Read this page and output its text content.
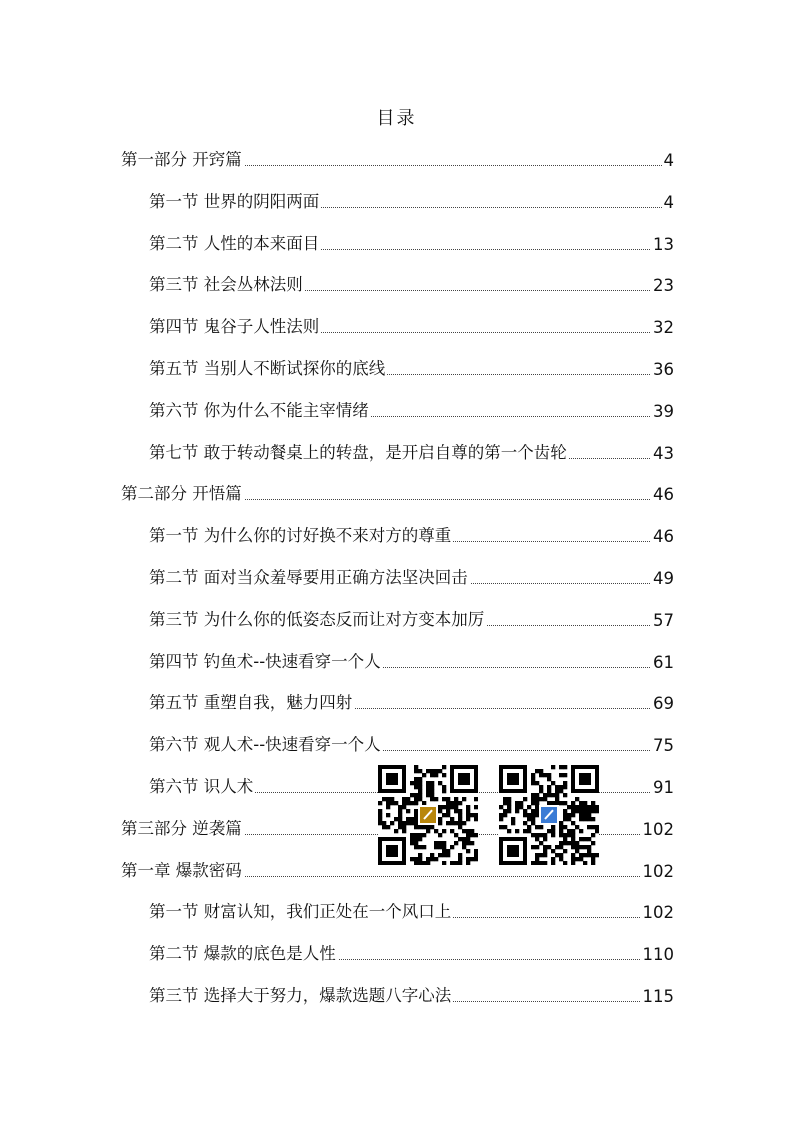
目录
第一部分 开窍篇	4
第一节 世界的阴阳两面	4
第二节 人性的本来面目	13
第三节 社会丛林法则	23
第四节 鬼谷子人性法则	32
第五节 当别人不断试探你的底线	36
第六节 你为什么不能主宰情绪	39
第七节 敢于转动餐桌上的转盘，是开启自尊的第一个齿轮	43
第二部分 开悟篇	46
第一节 为什么你的讨好换不来对方的尊重	46
第二节 面对当众羞辱要用正确方法坚决回击	49
第三节 为什么你的低姿态反而让对方变本加厉	57
第四节 钓鱼术--快速看穿一个人	61
第五节 重塑自我，魅力四射	69
第六节 观人术--快速看穿一个人	75
第六节 识人术	91
第三部分 逆袭篇	102
第一章 爆款密码	102
第一节 财富认知，我们正处在一个风口上	102
第二节 爆款的底色是人性	110
第三节 选择大于努力，爆款选题八字心法	115
